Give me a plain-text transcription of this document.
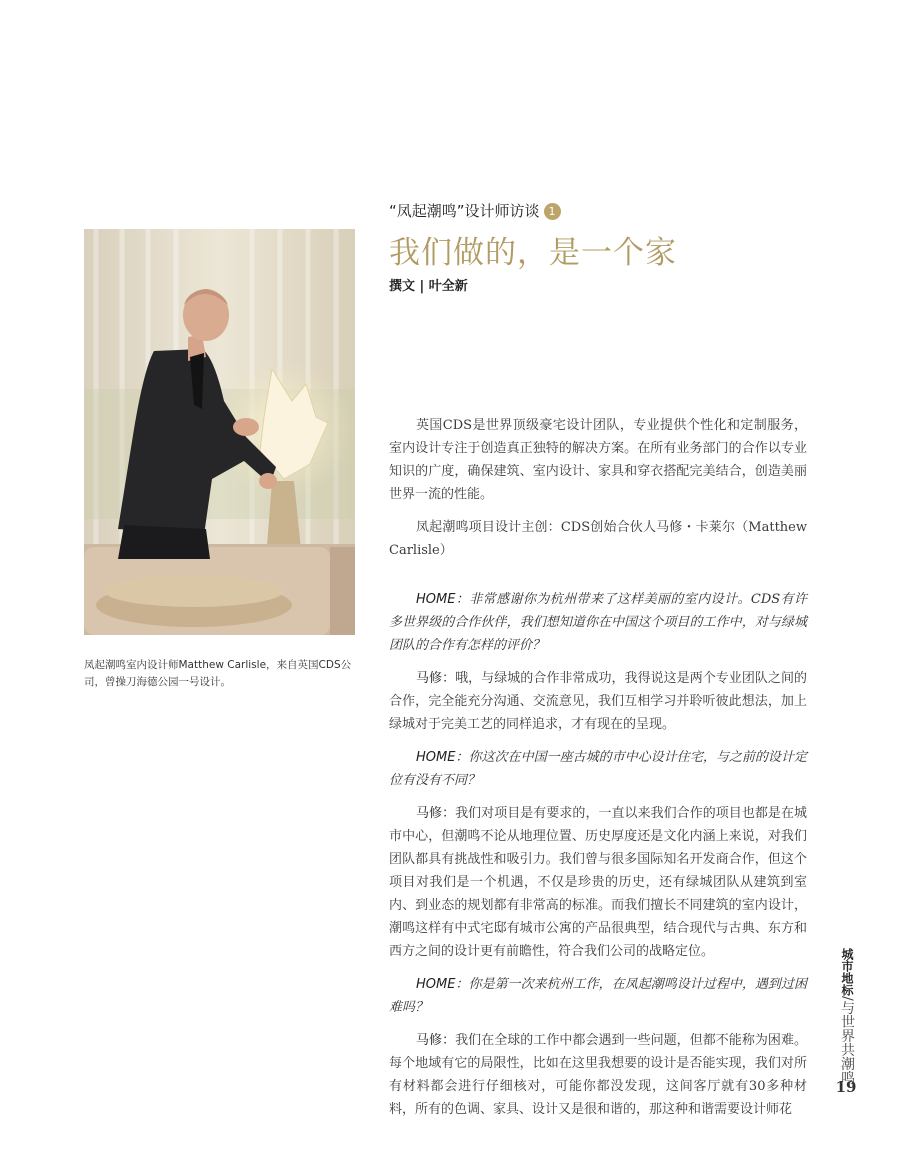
“凤起潮鸣”设计师访谈 1
我们做的，是一个家
撰文 | 叶全新
凤起潮鸣室内设计师Matthew Carlisle，来自英国CDS公司，曾操刀海德公园一号设计。

英国CDS是世界顶级豪宅设计团队，专业提供个性化和定制服务，室内设计专注于创造真正独特的解决方案。在所有业务部门的合作以专业知识的广度，确保建筑、室内设计、家具和穿衣搭配完美结合，创造美丽世界一流的性能。

凤起潮鸣项目设计主创：CDS创始合伙人马修・卡莱尔（Matthew Carlisle）

HOME：非常感谢你为杭州带来了这样美丽的室内设计。CDS有许多世界级的合作伙伴，我们想知道你在中国这个项目的工作中，对与绿城团队的合作有怎样的评价？

马修：哦，与绿城的合作非常成功，我得说这是两个专业团队之间的合作，完全能充分沟通、交流意见，我们互相学习并聆听彼此想法，加上绿城对于完美工艺的同样追求，才有现在的呈现。

HOME：你这次在中国一座古城的市中心设计住宅，与之前的设计定位有没有不同？

马修：我们对项目是有要求的，一直以来我们合作的项目也都是在城市中心，但潮鸣不论从地理位置、历史厚度还是文化内涵上来说，对我们团队都具有挑战性和吸引力。我们曾与很多国际知名开发商合作，但这个项目对我们是一个机遇，不仅是珍贵的历史，还有绿城团队从建筑到室内、到业态的规划都有非常高的标准。而我们擅长不同建筑的室内设计，潮鸣这样有中式宅邸有城市公寓的产品很典型，结合现代与古典、东方和西方之间的设计更有前瞻性，符合我们公司的战略定位。

HOME：你是第一次来杭州工作，在凤起潮鸣设计过程中，遇到过困难吗？

马修：我们在全球的工作中都会遇到一些问题，但都不能称为困难。每个地域有它的局限性，比如在这里我想要的设计是否能实现，我们对所有材料都会进行仔细核对，可能你都没发现，这间客厅就有30多种材料，所有的色调、家具、设计又是很和谐的，那这种和谐需要设计师花

城市地标/与世界共潮鸣
19
